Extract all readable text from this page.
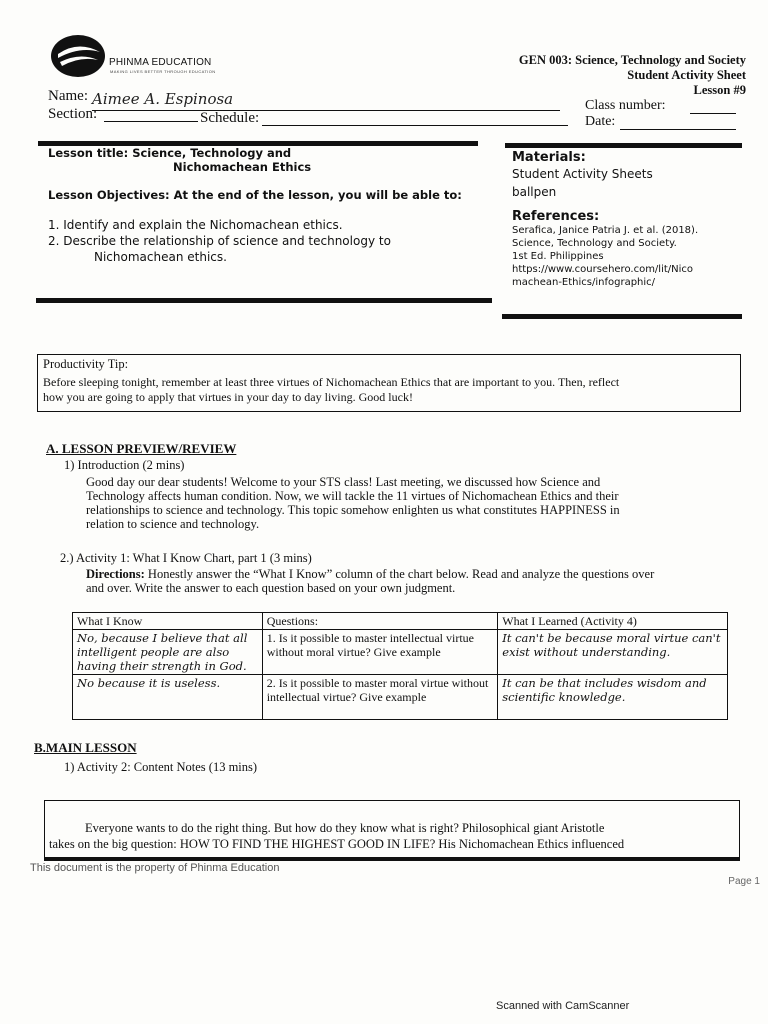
PHINMA EDUCATION
MAKING LIVES BETTER THROUGH EDUCATION
GEN 003: Science, Technology and Society
Student Activity Sheet
Lesson #9
Name: Aimee A. Espinosa
Section:	Schedule:
Class number:
Date:
Lesson title: Science, Technology and
Nichomachean Ethics
Lesson Objectives: At the end of the lesson, you will be able to:
1. Identify and explain the Nichomachean ethics.
2. Describe the relationship of science and technology to
Nichomachean ethics.
Materials:
Student Activity Sheets
ballpen
References:
Serafica, Janice Patria J. et al. (2018).
Science, Technology and Society.
1st Ed. Philippines
https://www.coursehero.com/lit/Nico
machean-Ethics/infographic/
Productivity Tip:
Before sleeping tonight, remember at least three virtues of Nichomachean Ethics that are important to you. Then, reflect
how you are going to apply that virtues in your day to day living. Good luck!
A. LESSON PREVIEW/REVIEW
1) Introduction (2 mins)
Good day our dear students! Welcome to your STS class! Last meeting, we discussed how Science and
Technology affects human condition. Now, we will tackle the 11 virtues of Nichomachean Ethics and their
relationships to science and technology. This topic somehow enlighten us what constitutes HAPPINESS in
relation to science and technology.
2.) Activity 1: What I Know Chart, part 1 (3 mins)
Directions: Honestly answer the “What I Know” column of the chart below. Read and analyze the questions over
and over. Write the answer to each question based on your own judgment.
What I Know	Questions:	What I Learned (Activity 4)
No, because I believe that all intelligent people are also having their strength in God.	1. Is it possible to master intellectual virtue without moral virtue? Give example	It can't be because moral virtue can't exist without understanding.
No because it is useless.	2. Is it possible to master moral virtue without intellectual virtue? Give example	It can be that includes wisdom and scientific knowledge.
B.MAIN LESSON
1) Activity 2: Content Notes (13 mins)
Everyone wants to do the right thing. But how do they know what is right? Philosophical giant Aristotle
takes on the big question: HOW TO FIND THE HIGHEST GOOD IN LIFE? His Nichomachean Ethics influenced
This document is the property of Phinma Education
Page 1
Scanned with CamScanner
